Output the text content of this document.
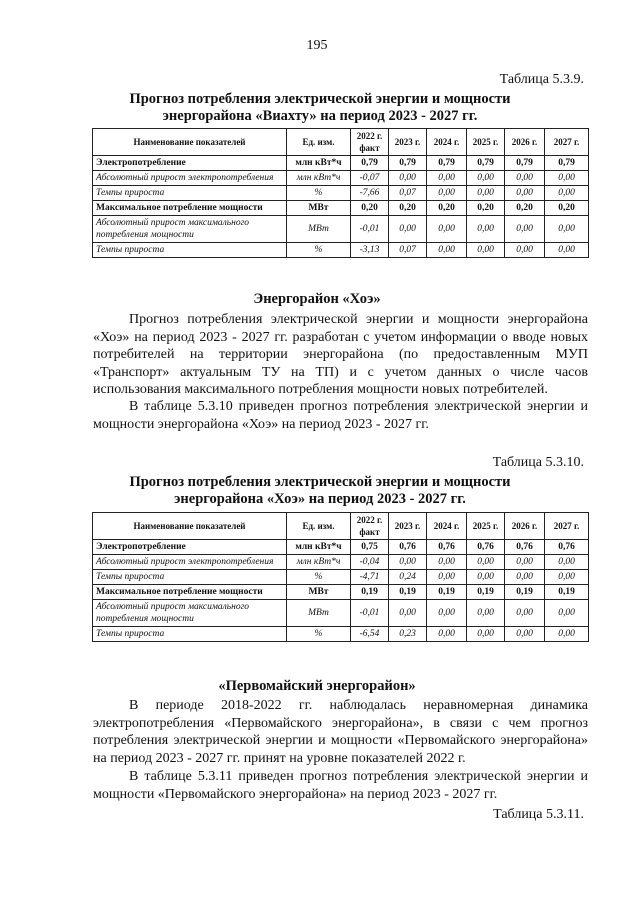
195
Таблица 5.3.9.
Прогноз потребления электрической энергии и мощности энергорайона «Виахту» на период 2023 - 2027 гг.
Наименование показателей	Ед. изм.	2022 г. факт	2023 г.	2024 г.	2025 г.	2026 г.	2027 г.
Электропотребление	млн кВт*ч	0,79	0,79	0,79	0,79	0,79	0,79
Абсолютный прирост электропотребления	млн кВт*ч	-0,07	0,00	0,00	0,00	0,00	0,00
Темпы прироста	%	-7,66	0,07	0,00	0,00	0,00	0,00
Максимальное потребление мощности	МВт	0,20	0,20	0,20	0,20	0,20	0,20
Абсолютный прирост максимального потребления мощности	МВт	-0,01	0,00	0,00	0,00	0,00	0,00
Темпы прироста	%	-3,13	0,07	0,00	0,00	0,00	0,00
Энергорайон «Хоэ»

Прогноз потребления электрической энергии и мощности энергорайона «Хоэ» на период 2023 - 2027 гг. разработан с учетом информации о вводе новых потребителей на территории энергорайона (по предоставленным МУП «Транспорт» актуальным ТУ на ТП) и с учетом данных о числе часов использования максимального потребления мощности новых потребителей.

В таблице 5.3.10 приведен прогноз потребления электрической энергии и мощности энергорайона «Хоэ» на период 2023 - 2027 гг.

Таблица 5.3.10.
Прогноз потребления электрической энергии и мощности энергорайона «Хоэ» на период 2023 - 2027 гг.
Наименование показателей	Ед. изм.	2022 г. факт	2023 г.	2024 г.	2025 г.	2026 г.	2027 г.
Электропотребление	млн кВт*ч	0,75	0,76	0,76	0,76	0,76	0,76
Абсолютный прирост электропотребления	млн кВт*ч	-0,04	0,00	0,00	0,00	0,00	0,00
Темпы прироста	%	-4,71	0,24	0,00	0,00	0,00	0,00
Максимальное потребление мощности	МВт	0,19	0,19	0,19	0,19	0,19	0,19
Абсолютный прирост максимального потребления мощности	МВт	-0,01	0,00	0,00	0,00	0,00	0,00
Темпы прироста	%	-6,54	0,23	0,00	0,00	0,00	0,00
«Первомайский энергорайон»

В периоде 2018-2022 гг. наблюдалась неравномерная динамика электропотребления «Первомайского энергорайона», в связи с чем прогноз потребления электрической энергии и мощности «Первомайского энергорайона» на период 2023 - 2027 гг. принят на уровне показателей 2022 г.

В таблице 5.3.11 приведен прогноз потребления электрической энергии и мощности «Первомайского энергорайона» на период 2023 - 2027 гг.

Таблица 5.3.11.
